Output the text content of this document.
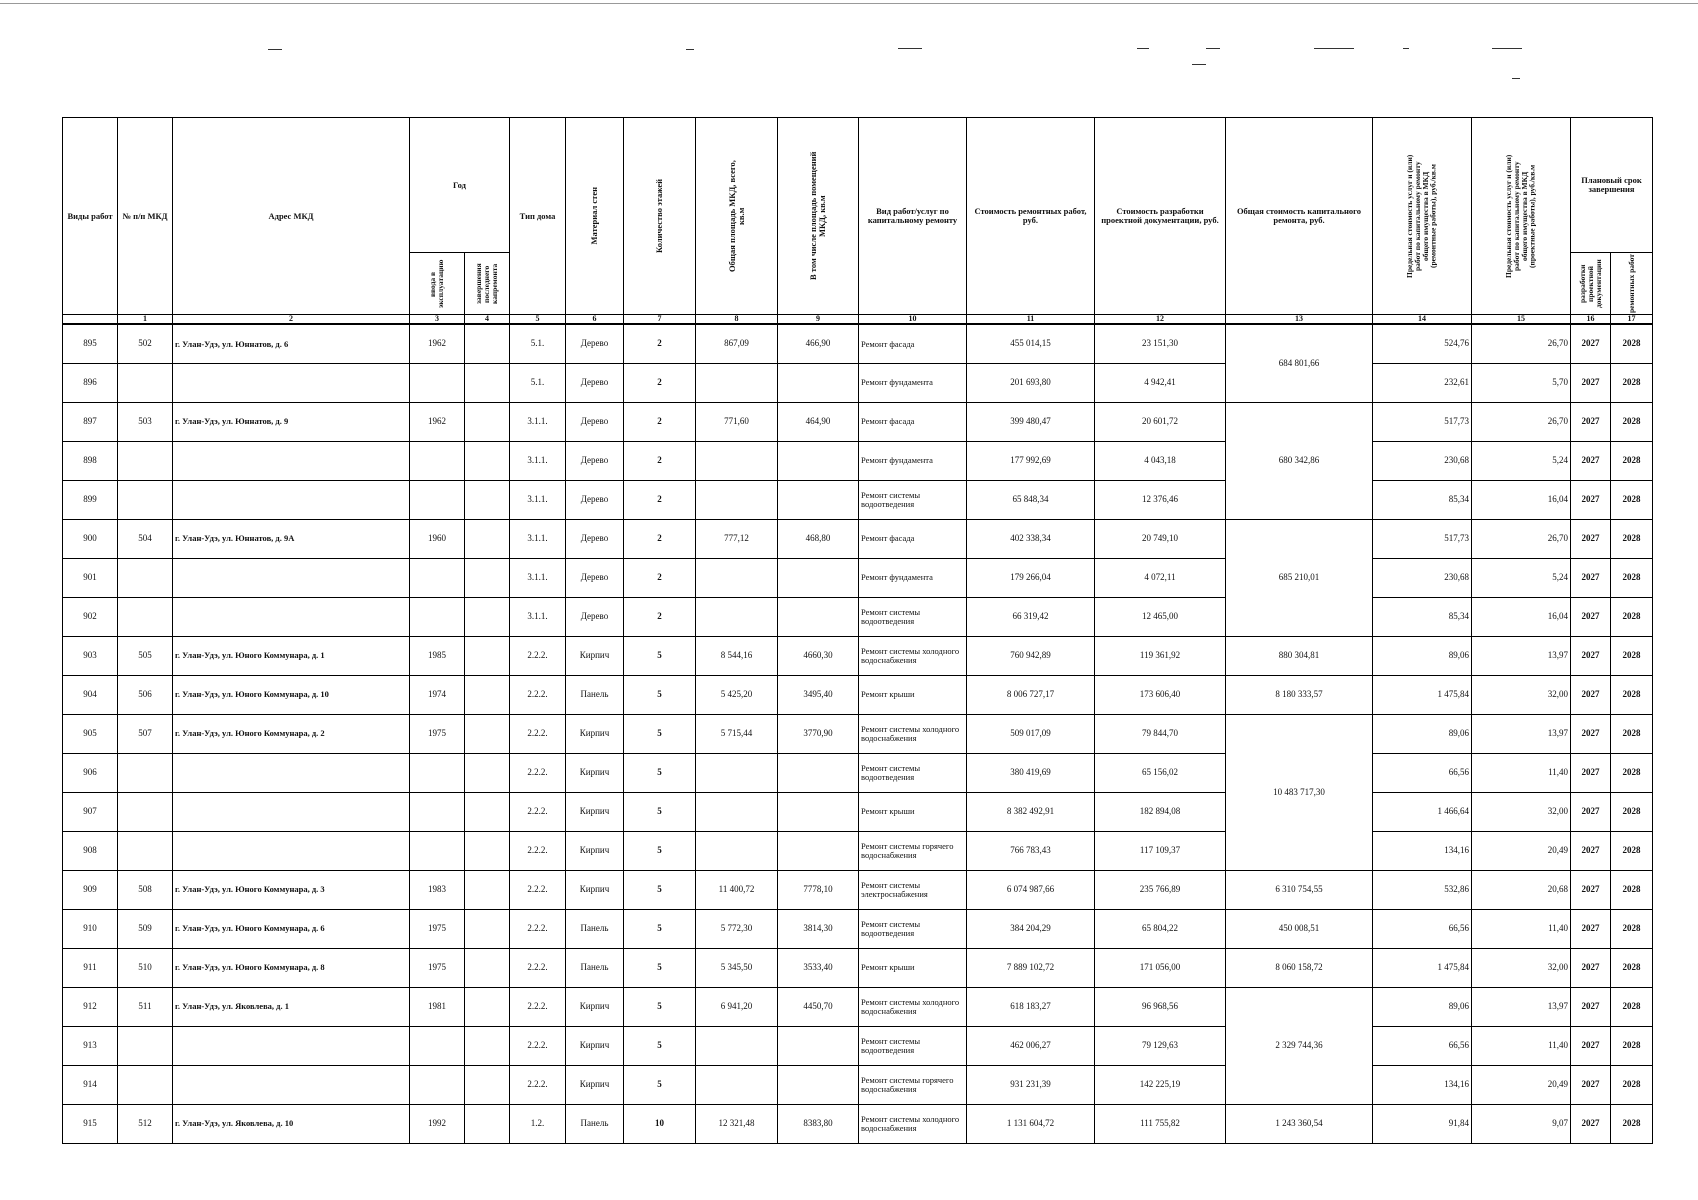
Виды работ	№ п/п МКД	Адрес МКД	Год		Тип дома	Материал стен	Количество этажей	Общая площадь МКД, всего, кв.м	В том числе площадь помещений МКД, кв.м	Вид работ/услуг по капитальному ремонту	Стоимость ремонтных работ, руб.	Стоимость разработки проектной документации, руб.	Общая стоимость капитального ремонта, руб.	Предельная стоимость услуг и (или) работ по капитальному ремонту общего имущества в МКД (ремонтные работы), руб./кв.м	Предельная стоимость услуг и (или) работ по капитальному ремонту общего имущества в МКД (проектные работы), руб./кв.м	Плановый срок завершения	

			ввода в эксплуатацию	завершения последнего капремонта												разработки проектной документации	ремонтных работ

	1	2	3	4	5	6	7	8	9	10	11	12	13	14	15	16	17
895	502	г. Улан-Удэ, ул. Юннатов, д. 6	1962		5.1.	Дерево	2	867,09	466,90	Ремонт фасада	455 014,15	23 151,30	684 801,66	524,76	26,70	2027	2028
896					5.1.	Дерево	2			Ремонт фундамента	201 693,80	4 942,41		232,61	5,70	2027	2028
897	503	г. Улан-Удэ, ул. Юннатов, д. 9	1962		3.1.1.	Дерево	2	771,60	464,90	Ремонт фасада	399 480,47	20 601,72	680 342,86	517,73	26,70	2027	2028
898					3.1.1.	Дерево	2			Ремонт фундамента	177 992,69	4 043,18		230,68	5,24	2027	2028
899					3.1.1.	Дерево	2			Ремонт системы водоотведения	65 848,34	12 376,46		85,34	16,04	2027	2028
900	504	г. Улан-Удэ, ул. Юннатов, д. 9А	1960		3.1.1.	Дерево	2	777,12	468,80	Ремонт фасада	402 338,34	20 749,10	685 210,01	517,73	26,70	2027	2028
901					3.1.1.	Дерево	2			Ремонт фундамента	179 266,04	4 072,11		230,68	5,24	2027	2028
902					3.1.1.	Дерево	2			Ремонт системы водоотведения	66 319,42	12 465,00		85,34	16,04	2027	2028
903	505	г. Улан-Удэ, ул. Юного Коммунара, д. 1	1985		2.2.2.	Кирпич	5	8 544,16	4660,30	Ремонт системы холодного водоснабжения	760 942,89	119 361,92	880 304,81	89,06	13,97	2027	2028
904	506	г. Улан-Удэ, ул. Юного Коммунара, д. 10	1974		2.2.2.	Панель	5	5 425,20	3495,40	Ремонт крыши	8 006 727,17	173 606,40	8 180 333,57	1 475,84	32,00	2027	2028
905	507	г. Улан-Удэ, ул. Юного Коммунара, д. 2	1975		2.2.2.	Кирпич	5	5 715,44	3770,90	Ремонт системы холодного водоснабжения	509 017,09	79 844,70	10 483 717,30	89,06	13,97	2027	2028
906					2.2.2.	Кирпич	5			Ремонт системы водоотведения	380 419,69	65 156,02		66,56	11,40	2027	2028
907					2.2.2.	Кирпич	5			Ремонт крыши	8 382 492,91	182 894,08		1 466,64	32,00	2027	2028
908					2.2.2.	Кирпич	5			Ремонт системы горячего водоснабжения	766 783,43	117 109,37		134,16	20,49	2027	2028
909	508	г. Улан-Удэ, ул. Юного Коммунара, д. 3	1983		2.2.2.	Кирпич	5	11 400,72	7778,10	Ремонт системы электроснабжения	6 074 987,66	235 766,89	6 310 754,55	532,86	20,68	2027	2028
910	509	г. Улан-Удэ, ул. Юного Коммунара, д. 6	1975		2.2.2.	Панель	5	5 772,30	3814,30	Ремонт системы водоотведения	384 204,29	65 804,22	450 008,51	66,56	11,40	2027	2028
911	510	г. Улан-Удэ, ул. Юного Коммунара, д. 8	1975		2.2.2.	Панель	5	5 345,50	3533,40	Ремонт крыши	7 889 102,72	171 056,00	8 060 158,72	1 475,84	32,00	2027	2028
912	511	г. Улан-Удэ, ул. Яковлева, д. 1	1981		2.2.2.	Кирпич	5	6 941,20	4450,70	Ремонт системы холодного водоснабжения	618 183,27	96 968,56	2 329 744,36	89,06	13,97	2027	2028
913					2.2.2.	Кирпич	5			Ремонт системы водоотведения	462 006,27	79 129,63		66,56	11,40	2027	2028
914					2.2.2.	Кирпич	5			Ремонт системы горячего водоснабжения	931 231,39	142 225,19		134,16	20,49	2027	2028
915	512	г. Улан-Удэ, ул. Яковлева, д. 10	1992		1.2.	Панель	10	12 321,48	8383,80	Ремонт системы холодного водоснабжения	1 131 604,72	111 755,82	1 243 360,54	91,84	9,07	2027	2028
